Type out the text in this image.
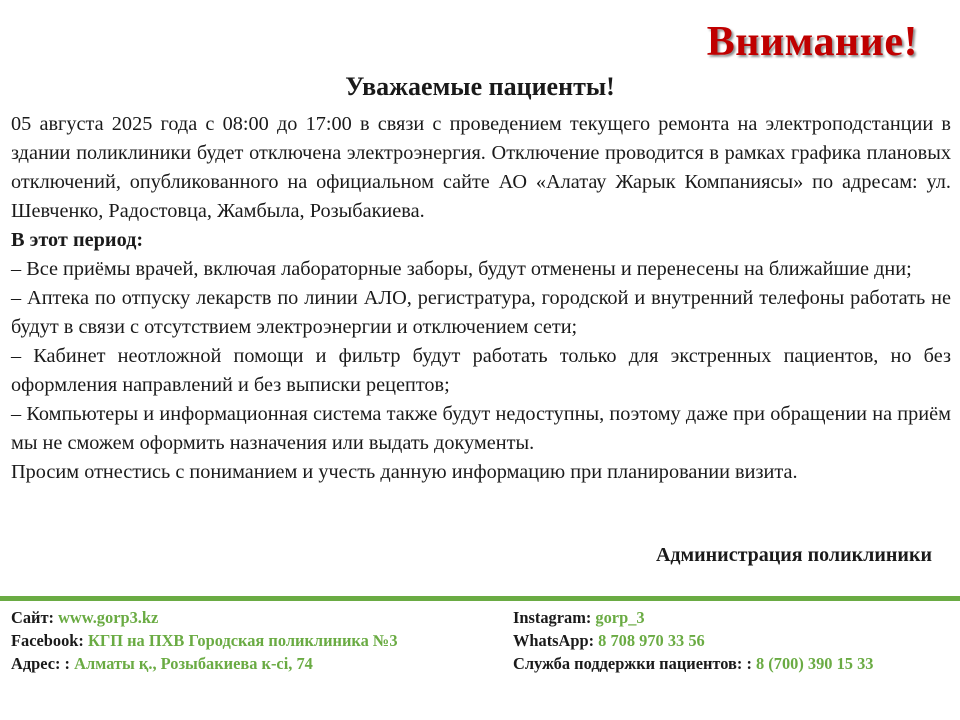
Внимание!
Уважаемые пациенты!

05 августа 2025 года с 08:00 до 17:00 в связи с проведением текущего ремонта на электроподстанции в здании поликлиники будет отключена электроэнергия. Отключение проводится в рамках графика плановых отключений, опубликованного на официальном сайте АО «Алатау Жарык Компаниясы» по адресам: ул. Шевченко, Радостовца, Жамбыла, Розыбакиева.

В этот период:

– Все приёмы врачей, включая лабораторные заборы, будут отменены и перенесены на ближайшие дни;

– Аптека по отпуску лекарств по линии АЛО, регистратура, городской и внутренний телефоны работать не будут в связи с отсутствием электроэнергии и отключением сети;

– Кабинет неотложной помощи и фильтр будут работать только для экстренных пациентов, но без оформления направлений и без выписки рецептов;

– Компьютеры и информационная система также будут недоступны, поэтому даже при обращении на приём мы не сможем оформить назначения или выдать документы.

Просим отнестись с пониманием и учесть данную информацию при планировании визита.

Администрация поликлиники
Сайт: www.gorp3.kz
Facebook: КГП на ПХВ Городская поликлиника №3
Адрес: : Алматы қ., Розыбакиева к-сі, 74
Instagram: gorp_3
WhatsApp: 8 708 970 33 56
Служба поддержки пациентов: : 8 (700) 390 15 33
